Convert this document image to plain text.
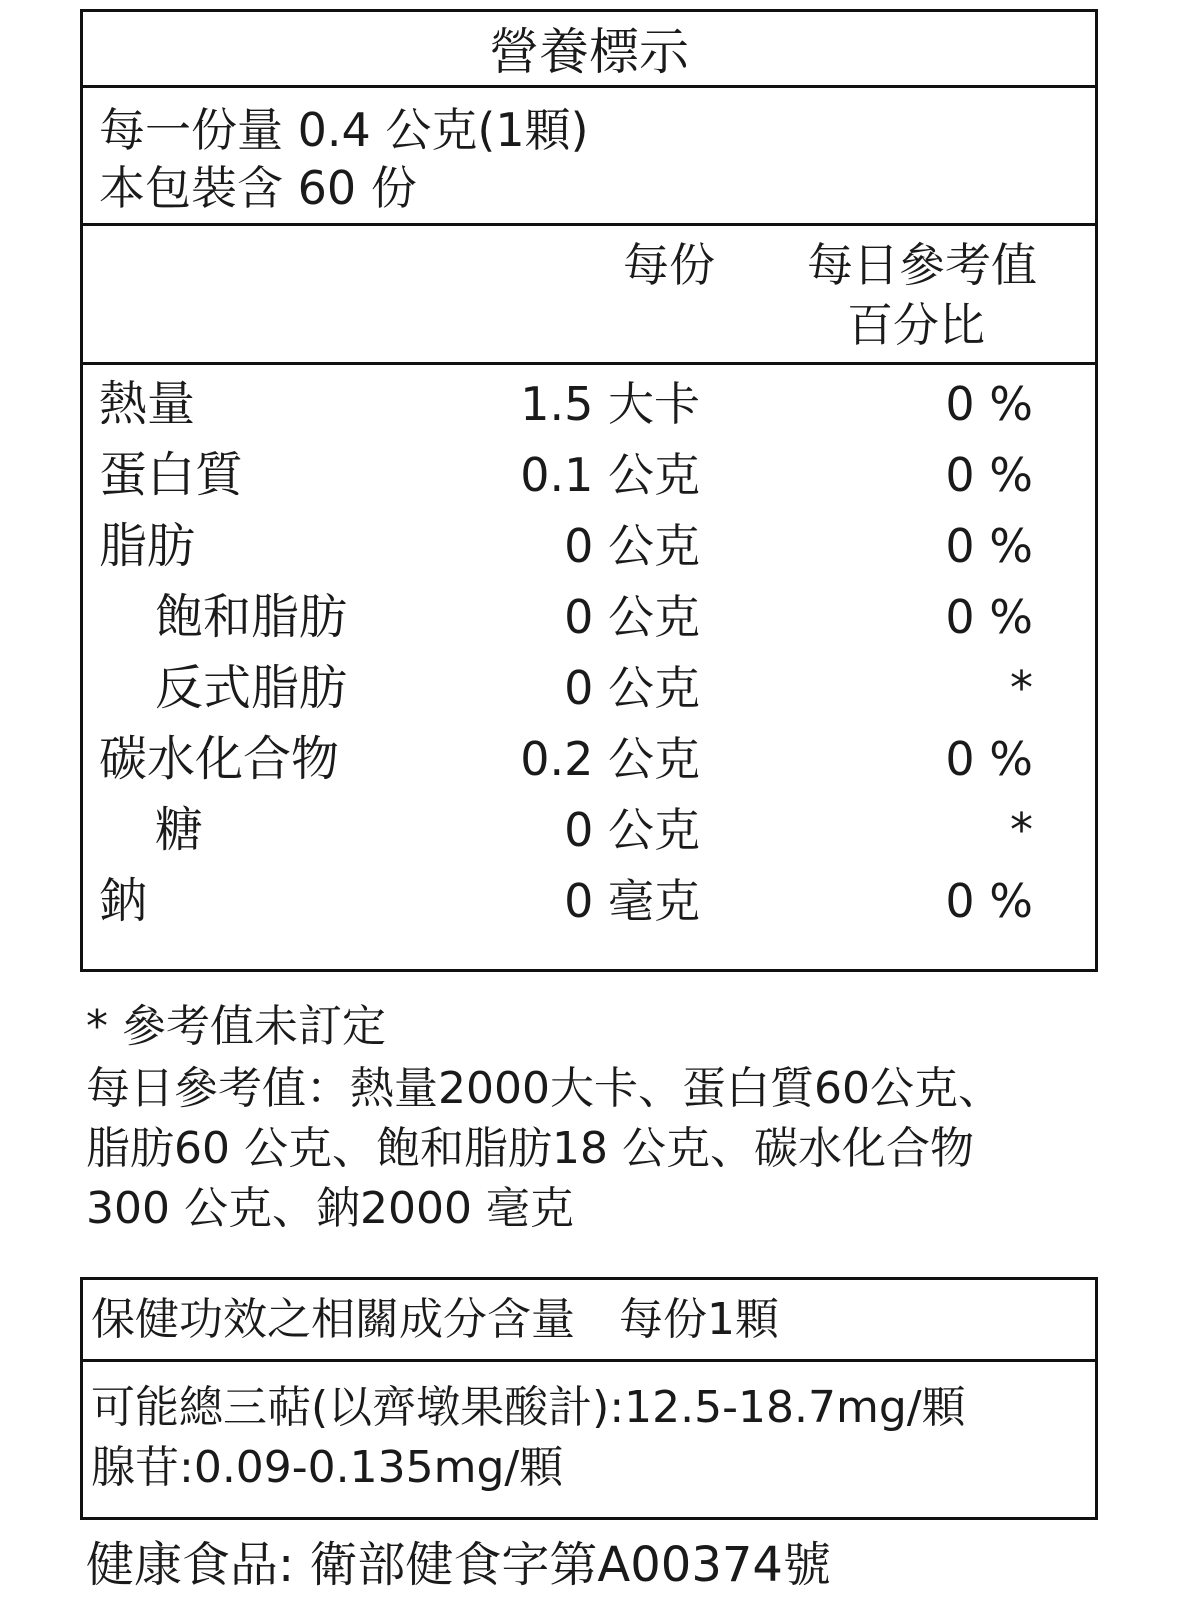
營養標示
每一份量 0.4 公克(1顆)
本包裝含 60 份
每份 每日參考值
百分比
熱量	1.5 大卡	0 %
蛋白質	0.1 公克	0 %
脂肪	0 公克	0 %
飽和脂肪	0 公克	0 %
反式脂肪	0 公克	*
碳水化合物	0.2 公克	0 %
糖	0 公克	*
鈉	0 毫克	0 %
* 參考值未訂定
每日參考值：熱量2000大卡、蛋白質60公克、
脂肪60 公克、飽和脂肪18 公克、碳水化合物
300 公克、鈉2000 毫克
保健功效之相關成分含量　每份1顆
可能總三萜(以齊墩果酸計):12.5-18.7mg/顆
腺苷:0.09-0.135mg/顆
健康食品: 衛部健食字第A00374號
